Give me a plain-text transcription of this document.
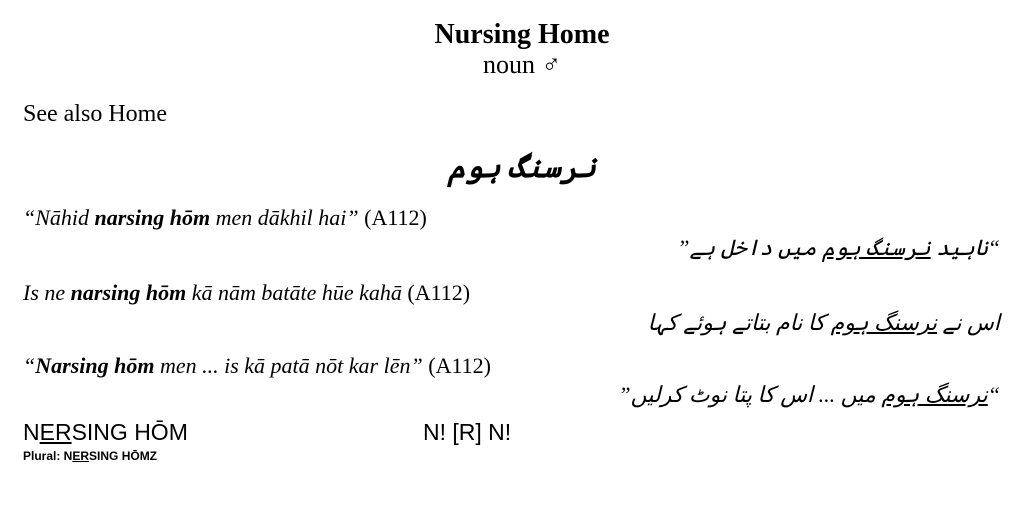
Nursing Home
noun ♂
See also Home
نرسنگ ہوم
“Nāhid narsing hōm men dākhil hai” (A112)
“ناہید نرسنگ ہوم میں داخل ہے”
Is ne narsing hōm kā nām batāte hūe kahā (A112)
اس نے نرسنگ ہوم کا نام بتاتے ہوئے کہا
“Narsing hōm men ... is kā patā nōt kar lēn” (A112)
“نرسنگ ہوم میں ... اس کا پتا نوٹ کرلیں”
NERSING HŌM	N! [R] N!
Plural: NERSING HŌMZ
